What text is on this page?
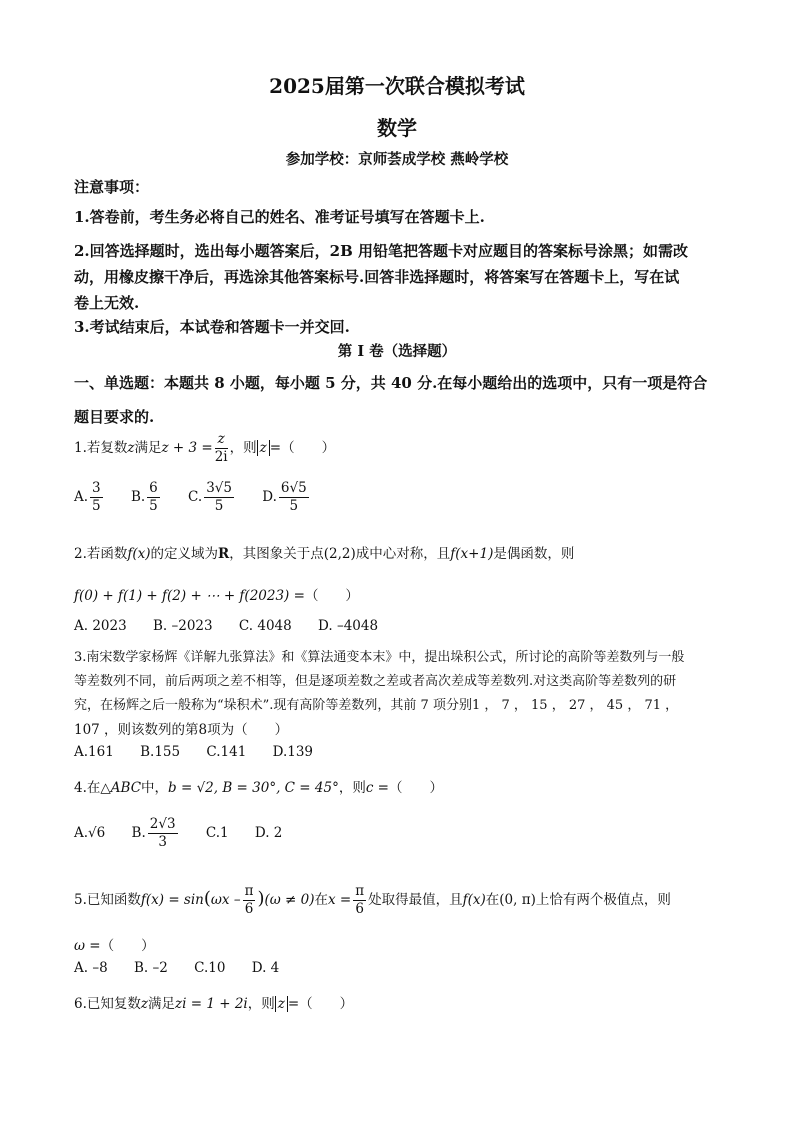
2025届第一次联合模拟考试
数学
参加学校：京师荟成学校 燕岭学校
注意事项：
1.答卷前，考生务必将自己的姓名、准考证号填写在答题卡上.
2.回答选择题时，选出每小题答案后，2B 用铅笔把答题卡对应题目的答案标号涂黑；如需改
动，用橡皮擦干净后，再选涂其他答案标号.回答非选择题时，将答案写在答题卡上，写在试
卷上无效.
3.考试结束后，本试卷和答题卡一并交回.
第 I 卷（选择题）
一、单选题：本题共 8 小题，每小题 5 分，共 40 分.在每小题给出的选项中，只有一项是符合
题目要求的.
1.若复数z满足$z + 3 = \frac{z}{2i}$ ，则 z =（　　）
A. $\frac{3}{5} B$. $\frac{6}{5} C$. $\frac{3√5}{5} D$. $\frac{6√5}{5}$
2.若函数f(x)的定义域为R，其图象关于点(2,2)成中心对称，且f(x+1)是偶函数，则
f(0) + f(1) + f(2) + ⋯ + f(2023) =（　　）
A. 2023 B. –2023 C. 4048 D. –4048
3.南宋数学家杨辉《详解九张算法》和《算法通变本末》中，提出垛积公式，所讨论的高阶等差数列与一般
等差数列不同，前后两项之差不相等，但是逐项差数之差或者高次差成等差数列.对这类高阶等差数列的研
究，在杨辉之后一般称为“垛积术”.现有高阶等差数列，其前 7 项分别1 ， 7 ， 15 ， 27 ， 45 ， 71 ，
107 ，则该数列的第8项为（　　）
A.161 B.155 C.141 D.139
4.在△ABC中，b = √2, B = 30°, C = 45°，则c =（　　）
A.√6 B. $\frac{2√3}{3} C.1$ D. 2
5.已知函数$f(x) = \sin(\omega x - \frac{\pi}{6} )(\omega \ne 0)$在$x = \frac{\pi}{6}$ 处取得最值，且f(x)在(0, π)上恰有两个极值点，则
ω =（　　）
A. –8 B. –2 C.10 D. 4
6.已知复数z满足zi = 1 + 2i，则 z =（　　）
